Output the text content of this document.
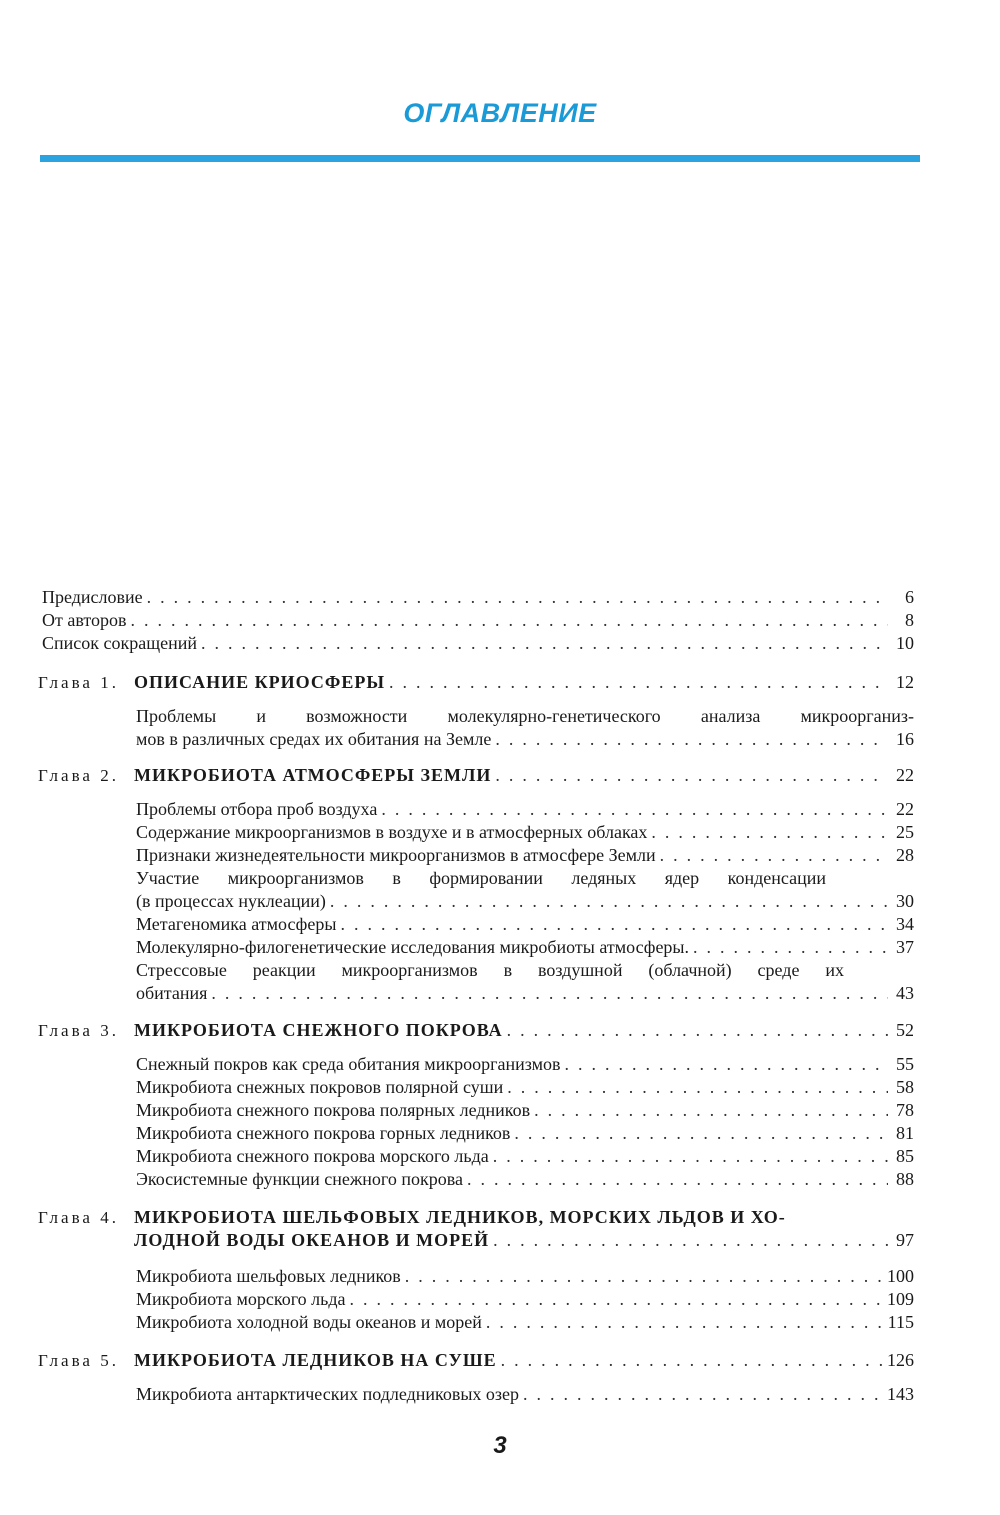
ОГЛАВЛЕНИЕ
Предисловие . .	6
От авторов . .	8
Список сокращений . .	10
Глава 1. ОПИСАНИЕ КРИОСФЕРЫ . .	12
Проблемы и возможности молекулярно-генетического анализа микроорганиз-
мов в различных средах их обитания на Земле . .	16
Глава 2. МИКРОБИОТА АТМОСФЕРЫ ЗЕМЛИ . .	22
Проблемы отбора проб воздуха . .	22
Содержание микроорганизмов в воздухе и в атмосферных облаках . .	25
Признаки жизнедеятельности микроорганизмов в атмосфере Земли . .	28
Участие микроорганизмов в формировании ледяных ядер конденсации
(в процессах нуклеации) . .	30
Метагеномика атмосферы . .	34
Молекулярно-филогенетические исследования микробиоты атмосферы. . .	37
Стрессовые реакции микроорганизмов в воздушной (облачной) среде их
обитания . .	43
Глава 3. МИКРОБИОТА СНЕЖНОГО ПОКРОВА . .	52
Снежный покров как среда обитания микроорганизмов . .	55
Микробиота снежных покровов полярной суши . .	58
Микробиота снежного покрова полярных ледников . .	78
Микробиота снежного покрова горных ледников . .	81
Микробиота снежного покрова морского льда . .	85
Экосистемные функции снежного покрова . .	88
Глава 4. МИКРОБИОТА ШЕЛЬФОВЫХ ЛЕДНИКОВ, МОРСКИХ ЛЬДОВ И ХО-
ЛОДНОЙ ВОДЫ ОКЕАНОВ И МОРЕЙ . .	97
Микробиота шельфовых ледников . .	100
Микробиота морского льда . .	109
Микробиота холодной воды океанов и морей . .	115
Глава 5. МИКРОБИОТА ЛЕДНИКОВ НА СУШЕ . .	126
Микробиота антарктических подледниковых озер . .	143
3
